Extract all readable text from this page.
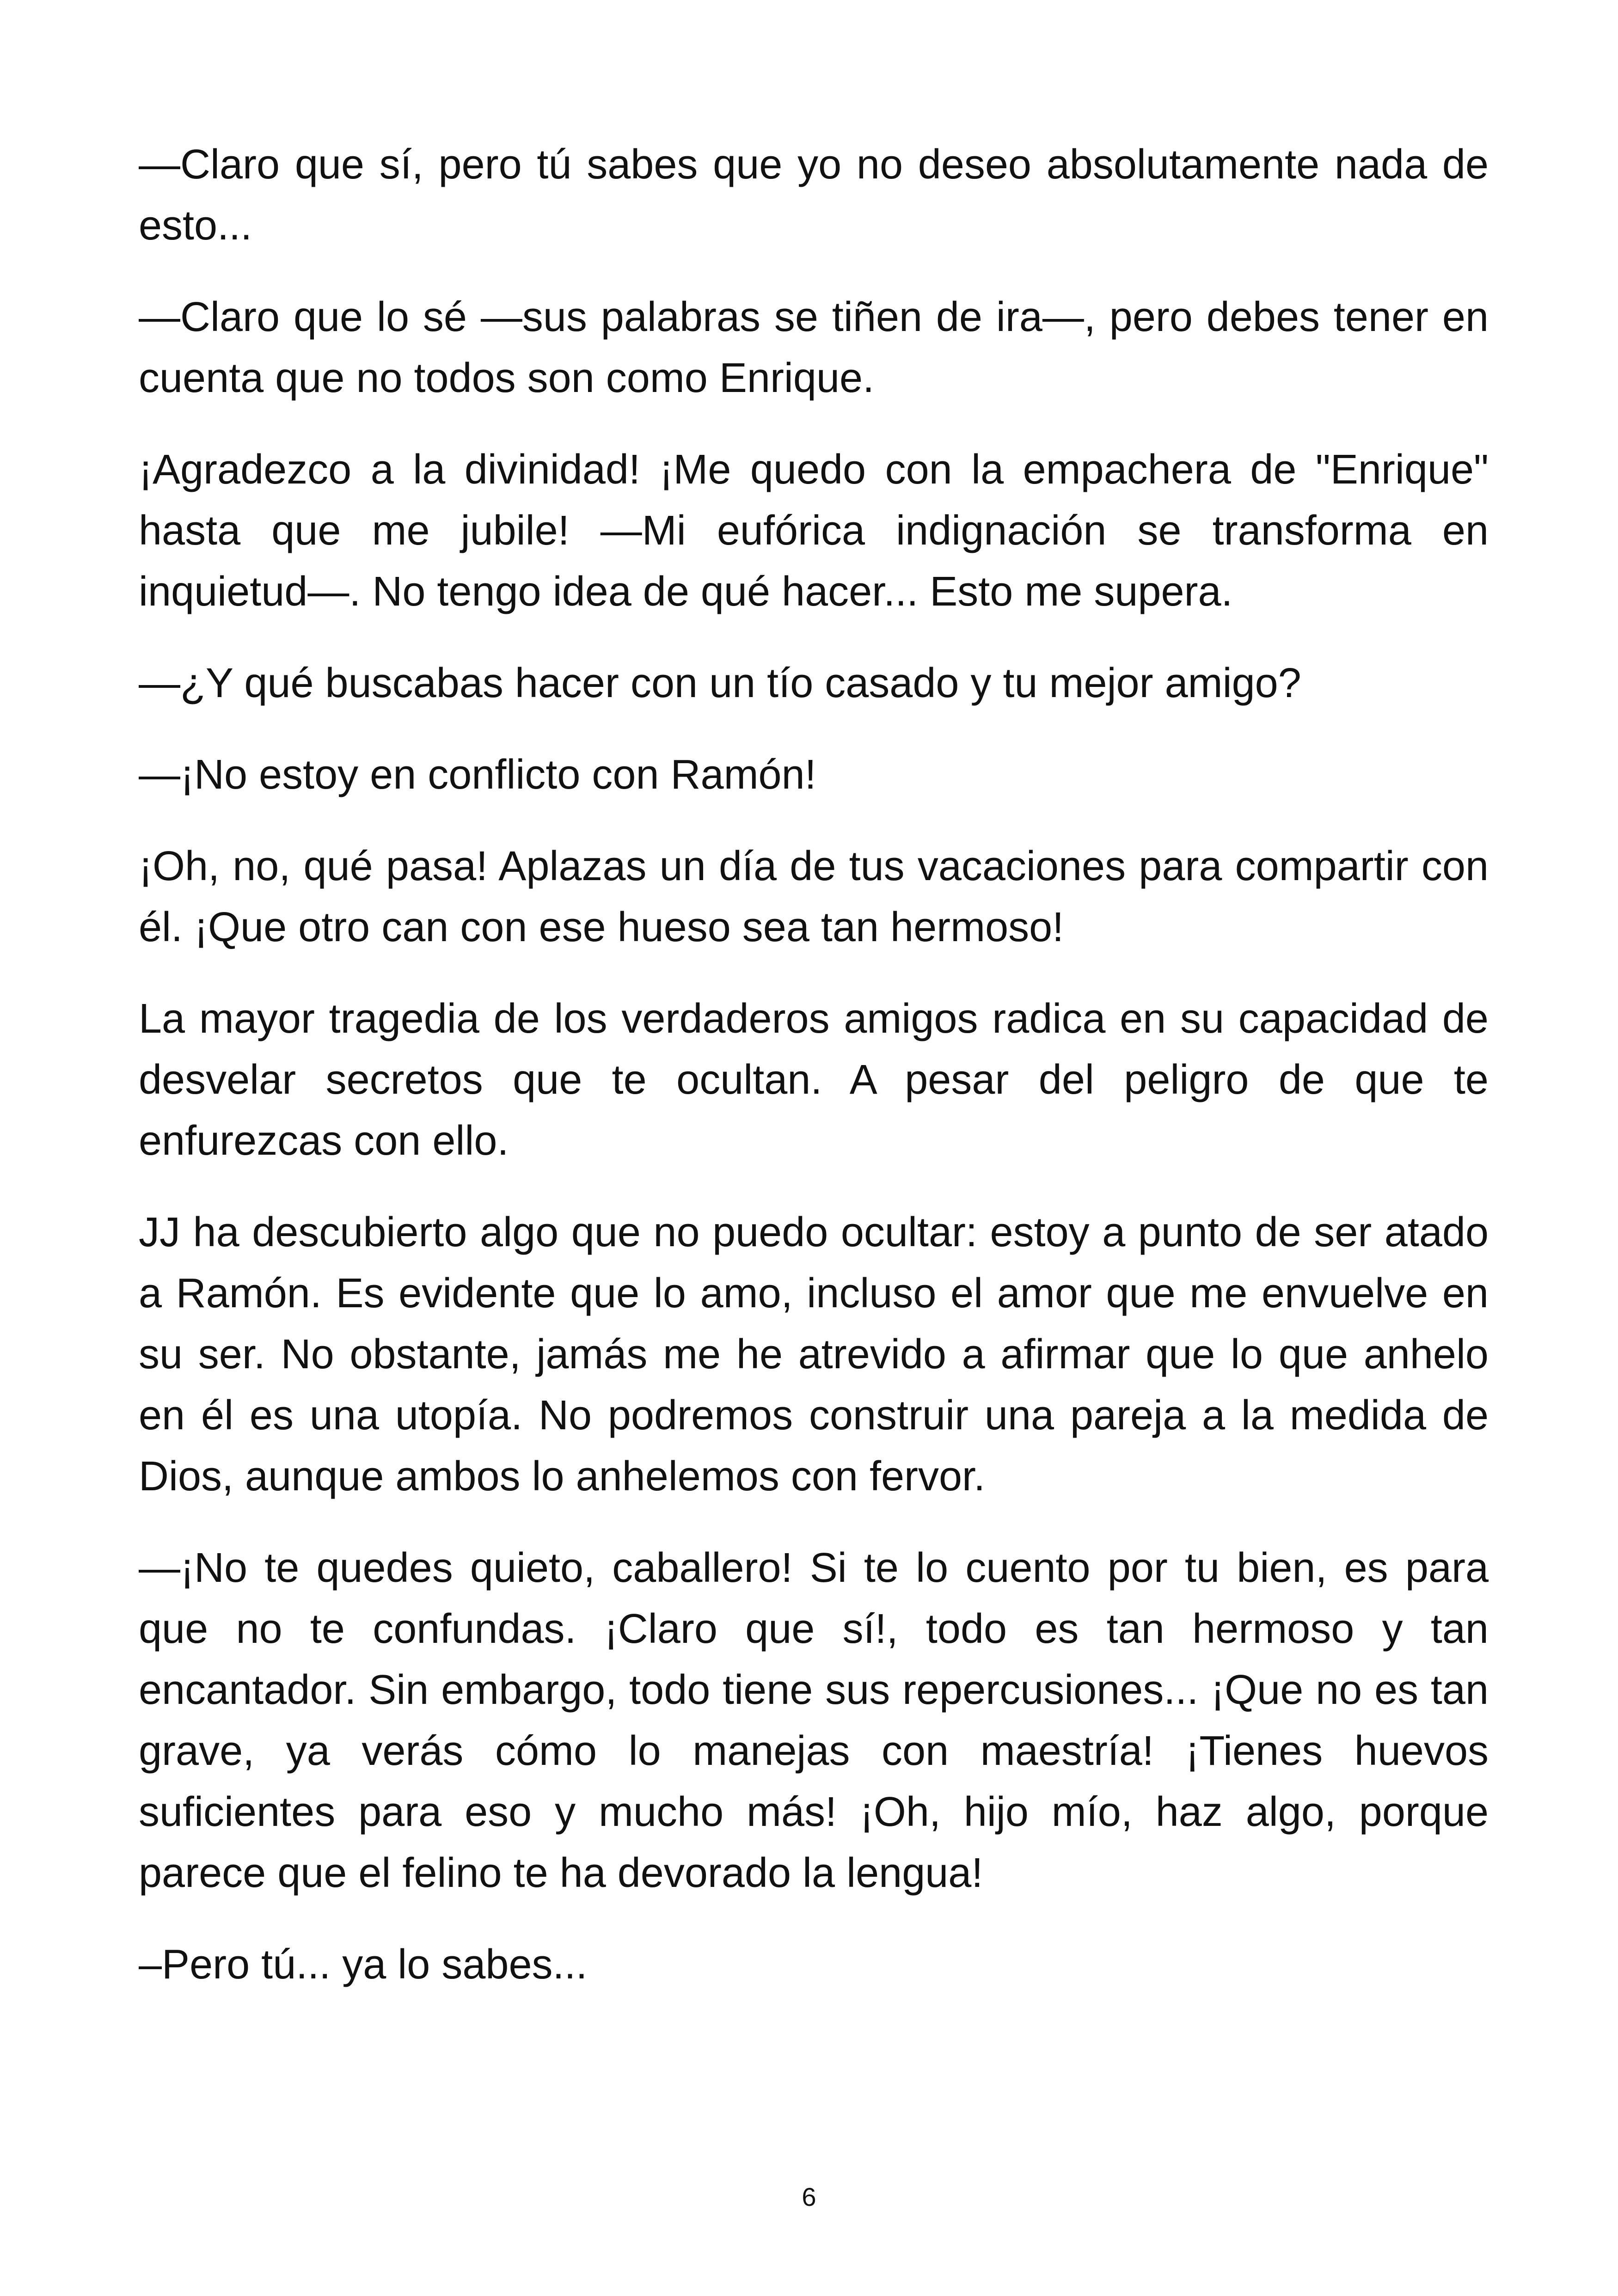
—Claro que sí, pero tú sabes que yo no deseo absolutamente nada de esto...

—Claro que lo sé —sus palabras se tiñen de ira—, pero debes tener en cuenta que no todos son como Enrique.

¡Agradezco a la divinidad! ¡Me quedo con la empachera de "Enrique" hasta que me jubile! —Mi eufórica indignación se transforma en inquietud—. No tengo idea de qué hacer... Esto me supera.

—¿Y qué buscabas hacer con un tío casado y tu mejor amigo?

—¡No estoy en conflicto con Ramón!

¡Oh, no, qué pasa! Aplazas un día de tus vacaciones para compartir con él. ¡Que otro can con ese hueso sea tan hermoso!

La mayor tragedia de los verdaderos amigos radica en su capacidad de desvelar secretos que te ocultan. A pesar del peligro de que te enfurezcas con ello.

JJ ha descubierto algo que no puedo ocultar: estoy a punto de ser atado a Ramón. Es evidente que lo amo, incluso el amor que me envuelve en su ser. No obstante, jamás me he atrevido a afirmar que lo que anhelo en él es una utopía. No podremos construir una pareja a la medida de Dios, aunque ambos lo anhelemos con fervor.

—¡No te quedes quieto, caballero! Si te lo cuento por tu bien, es para que no te confundas. ¡Claro que sí!, todo es tan hermoso y tan encantador. Sin embargo, todo tiene sus repercusiones... ¡Que no es tan grave, ya verás cómo lo manejas con maestría! ¡Tienes huevos suficientes para eso y mucho más! ¡Oh, hijo mío, haz algo, porque parece que el felino te ha devorado la lengua!

–Pero tú... ya lo sabes...

6
